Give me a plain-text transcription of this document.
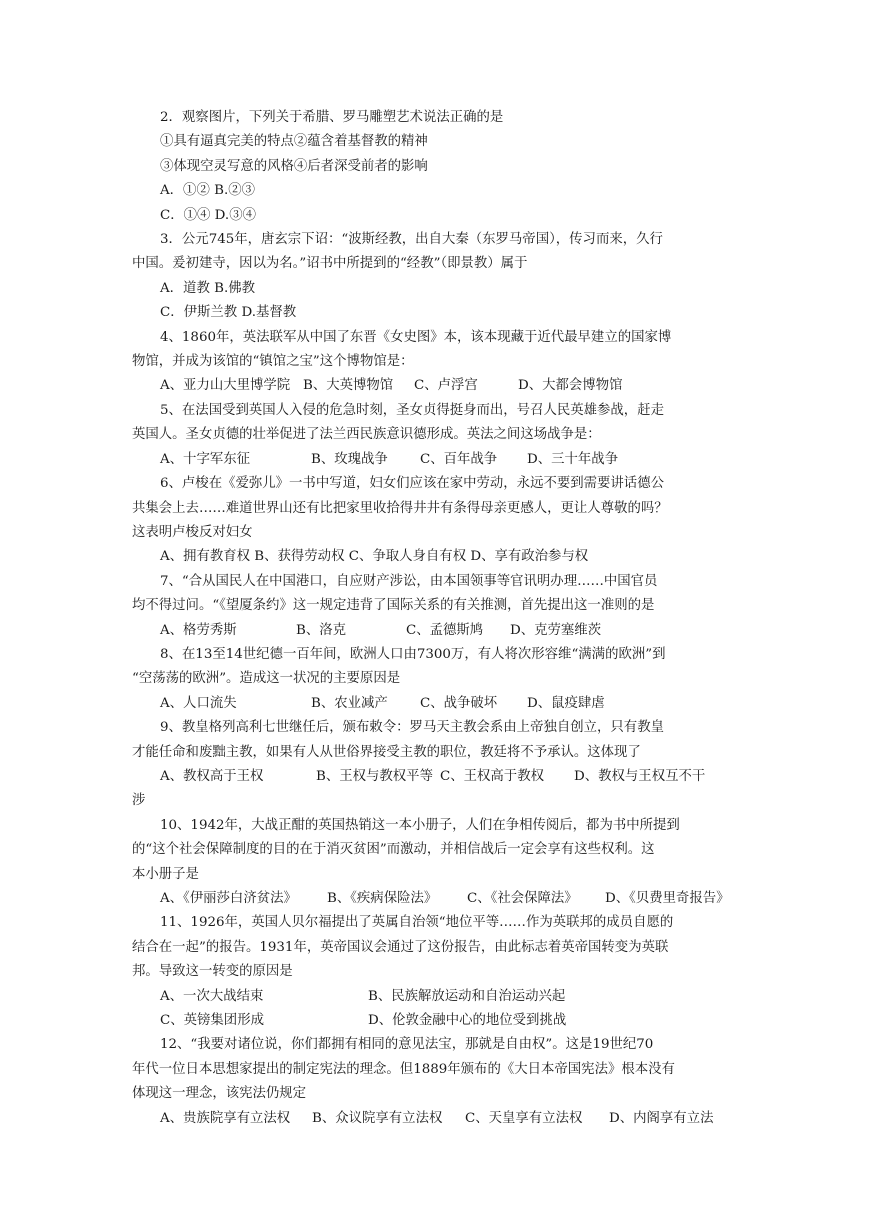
2．观察图片，下列关于希腊、罗马雕塑艺术说法正确的是
①具有逼真完美的特点②蕴含着基督教的精神
③体现空灵写意的风格④后者深受前者的影响
A．①② B.②③
C．①④ D.③④
3．公元745年，唐玄宗下诏：“波斯经教，出自大秦（东罗马帝国），传习而来，久行
中国。爰初建寺，因以为名。”诏书中所提到的“经教”（即景教）属于
A．道教 B.佛教
C．伊斯兰教 D.基督教
4、1860年，英法联军从中国了东晋《女史图》本，该本现藏于近代最早建立的国家博
物馆，并成为该馆的“镇馆之宝”这个博物馆是：
A、亚力山大里博学院 B、大英博物馆	C、卢浮宫	D、大都会博物馆
5、在法国受到英国人入侵的危急时刻，圣女贞得挺身而出，号召人民英雄参战，赶走
英国人。圣女贞德的壮举促进了法兰西民族意识德形成。英法之间这场战争是：
A、十字军东征	B、玫瑰战争	C、百年战争	D、三十年战争
6、卢梭在《爱弥儿》一书中写道，妇女们应该在家中劳动，永远不要到需要讲话德公
共集会上去……难道世界山还有比把家里收拾得井井有条得母亲更感人，更让人尊敬的吗？
这表明卢梭反对妇女
A、拥有教育权 B、获得劳动权 C、争取人身自有权 D、享有政治参与权
7、“合从国民人在中国港口，自应财产涉讼，由本国领事等官讯明办理……中国官员
均不得过问。“《望厦条约》这一规定违背了国际关系的有关推测，首先提出这一准则的是
A、格劳秀斯	B、洛克	C、孟德斯鸠	D、克劳塞维茨
8、在13至14世纪德一百年间，欧洲人口由7300万，有人将次形容维“满满的欧洲”到
“空荡荡的欧洲”。造成这一状况的主要原因是
A、人口流失	B、农业减产	C、战争破坏	D、鼠疫肆虐
9、教皇格列高利七世继任后，颁布敕令：罗马天主教会系由上帝独自创立，只有教皇
才能任命和废黜主教，如果有人从世俗界接受主教的职位，教廷将不予承认。这体现了
A、教权高于王权	B、王权与教权平等 C、王权高于教权	D、教权与王权互不干
涉
10、1942年，大战正酣的英国热销这一本小册子，人们在争相传阅后，都为书中所提到
的“这个社会保障制度的目的在于消灭贫困”而激动，并相信战后一定会享有这些权利。这
本小册子是
A、《伊丽莎白济贫法》	B、《疾病保险法》	C、《社会保障法》	D、《贝费里奇报告》
11、1926年，英国人贝尔福提出了英属自治领“地位平等……作为英联邦的成员自愿的
结合在一起”的报告。1931年，英帝国议会通过了这份报告，由此标志着英帝国转变为英联
邦。导致这一转变的原因是
A、一次大战结束	B、民族解放运动和自治运动兴起
C、英镑集团形成	D、伦敦金融中心的地位受到挑战
12、“我要对诸位说，你们都拥有相同的意见法宝，那就是自由权”。这是19世纪70
年代一位日本思想家提出的制定宪法的理念。但1889年颁布的《大日本帝国宪法》根本没有
体现这一理念，该宪法仍规定
A、贵族院享有立法权	B、众议院享有立法权	C、天皇享有立法权	D、内阁享有立法
